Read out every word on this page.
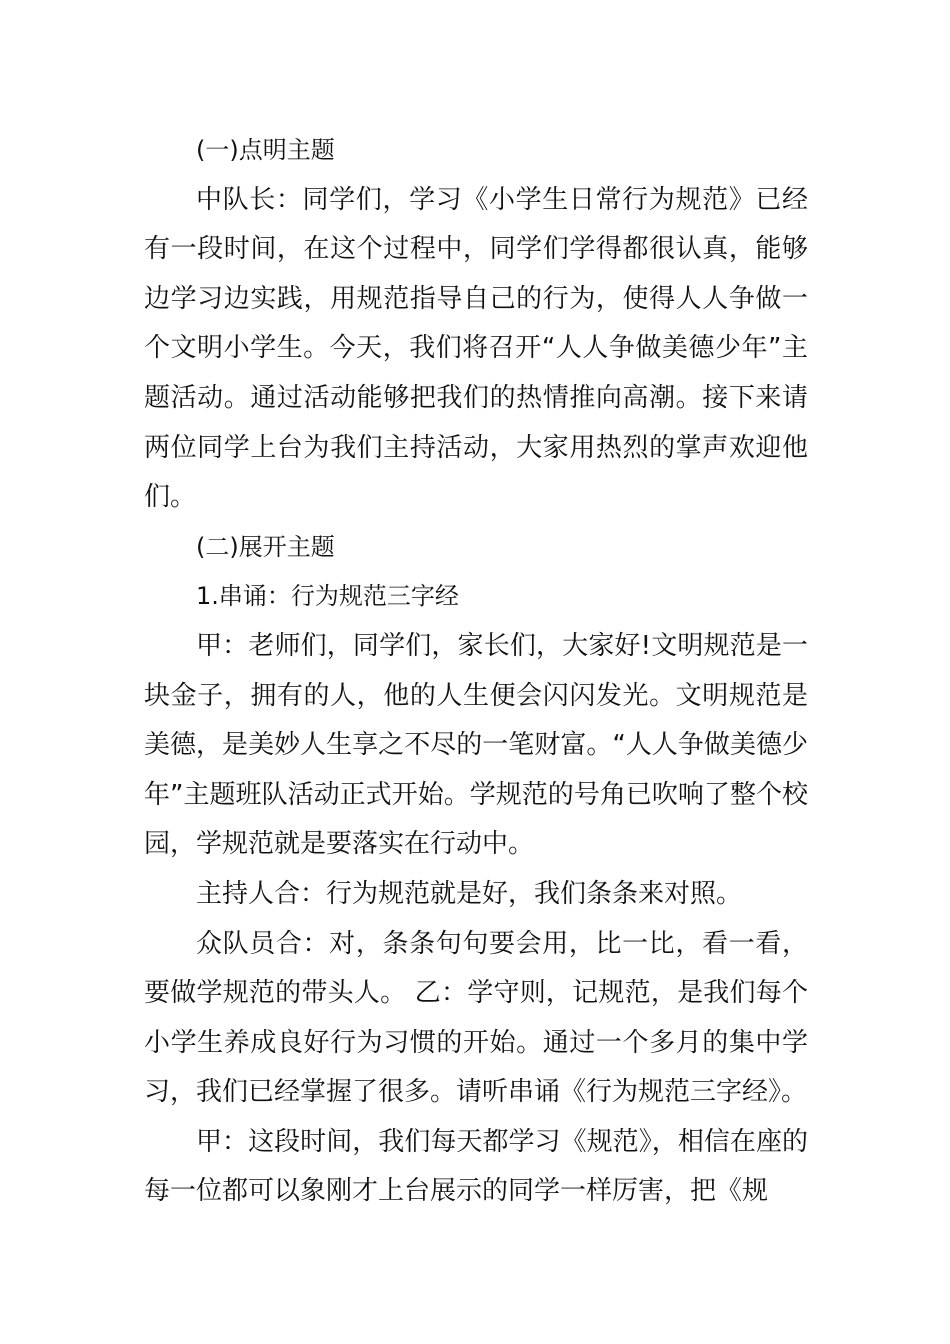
(一)点明主题

中队长：同学们，学习《小学生日常行为规范》已经有一段时间，在这个过程中，同学们学得都很认真，能够边学习边实践，用规范指导自己的行为，使得人人争做一个文明小学生。今天，我们将召开“人人争做美德少年”主题活动。通过活动能够把我们的热情推向高潮。接下来请两位同学上台为我们主持活动，大家用热烈的掌声欢迎他们。

(二)展开主题

1.串诵：行为规范三字经

甲：老师们，同学们，家长们，大家好!文明规范是一块金子，拥有的人，他的人生便会闪闪发光。文明规范是美德，是美妙人生享之不尽的一笔财富。“人人争做美德少年”主题班队活动正式开始。学规范的号角已吹响了整个校园，学规范就是要落实在行动中。

主持人合：行为规范就是好，我们条条来对照。

众队员合：对，条条句句要会用，比一比，看一看，要做学规范的带头人。 乙：学守则，记规范，是我们每个小学生养成良好行为习惯的开始。通过一个多月的集中学习，我们已经掌握了很多。请听串诵《行为规范三字经》。

甲：这段时间，我们每天都学习《规范》，相信在座的每一位都可以象刚才上台展示的同学一样厉害，把《规
